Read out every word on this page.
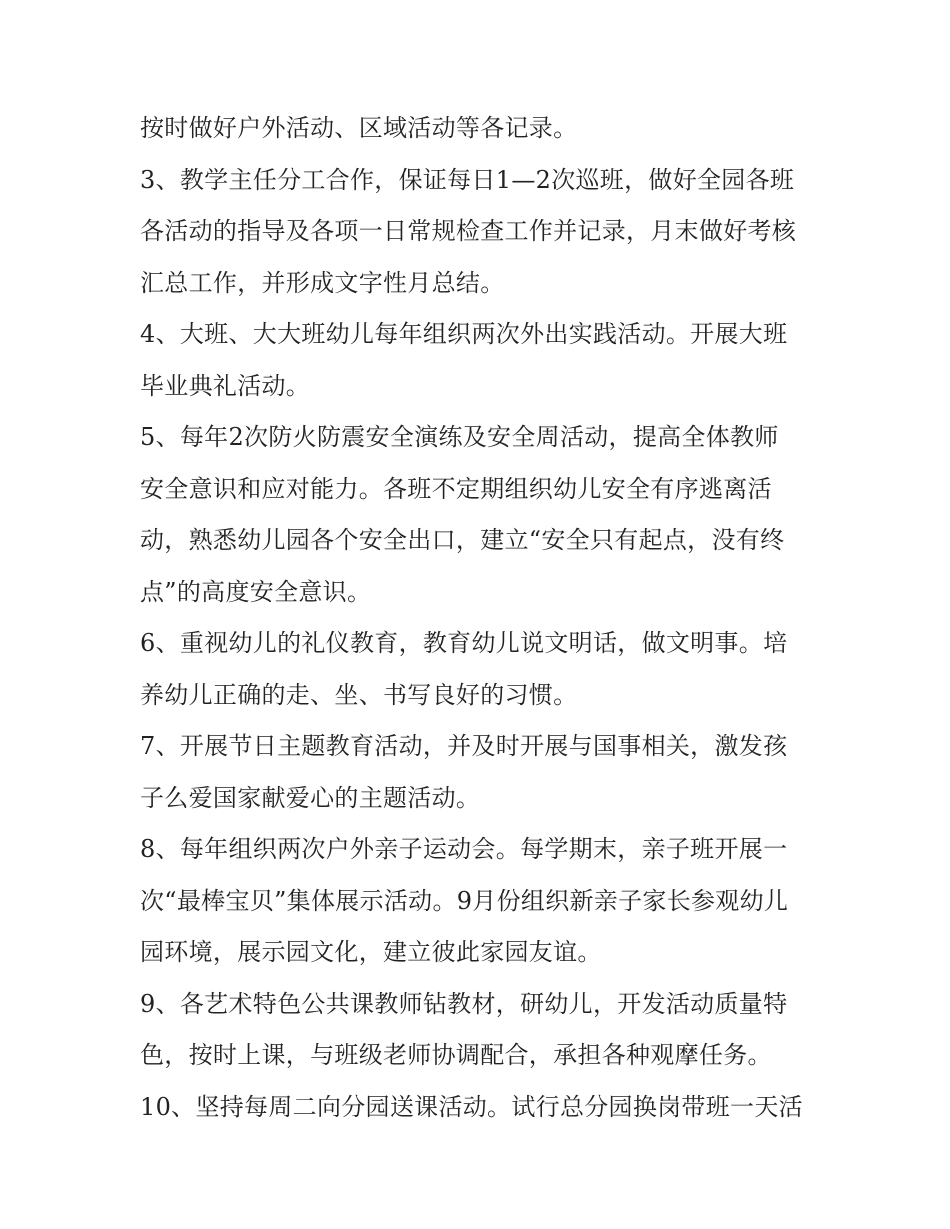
按时做好户外活动、区域活动等各记录。

3、教学主任分工合作，保证每日1—2次巡班，做好全园各班

各活动的指导及各项一日常规检查工作并记录，月末做好考核

汇总工作，并形成文字性月总结。

4、大班、大大班幼儿每年组织两次外出实践活动。开展大班

毕业典礼活动。

5、每年2次防火防震安全演练及安全周活动，提高全体教师

安全意识和应对能力。各班不定期组织幼儿安全有序逃离活

动，熟悉幼儿园各个安全出口，建立“安全只有起点，没有终

点”的高度安全意识。

6、重视幼儿的礼仪教育，教育幼儿说文明话，做文明事。培

养幼儿正确的走、坐、书写良好的习惯。

7、开展节日主题教育活动，并及时开展与国事相关，激发孩

子么爱国家献爱心的主题活动。

8、每年组织两次户外亲子运动会。每学期末，亲子班开展一

次“最棒宝贝”集体展示活动。9月份组织新亲子家长参观幼儿

园环境，展示园文化，建立彼此家园友谊。

9、各艺术特色公共课教师钻教材，研幼儿，开发活动质量特

色，按时上课，与班级老师协调配合，承担各种观摩任务。

10、坚持每周二向分园送课活动。试行总分园换岗带班一天活
